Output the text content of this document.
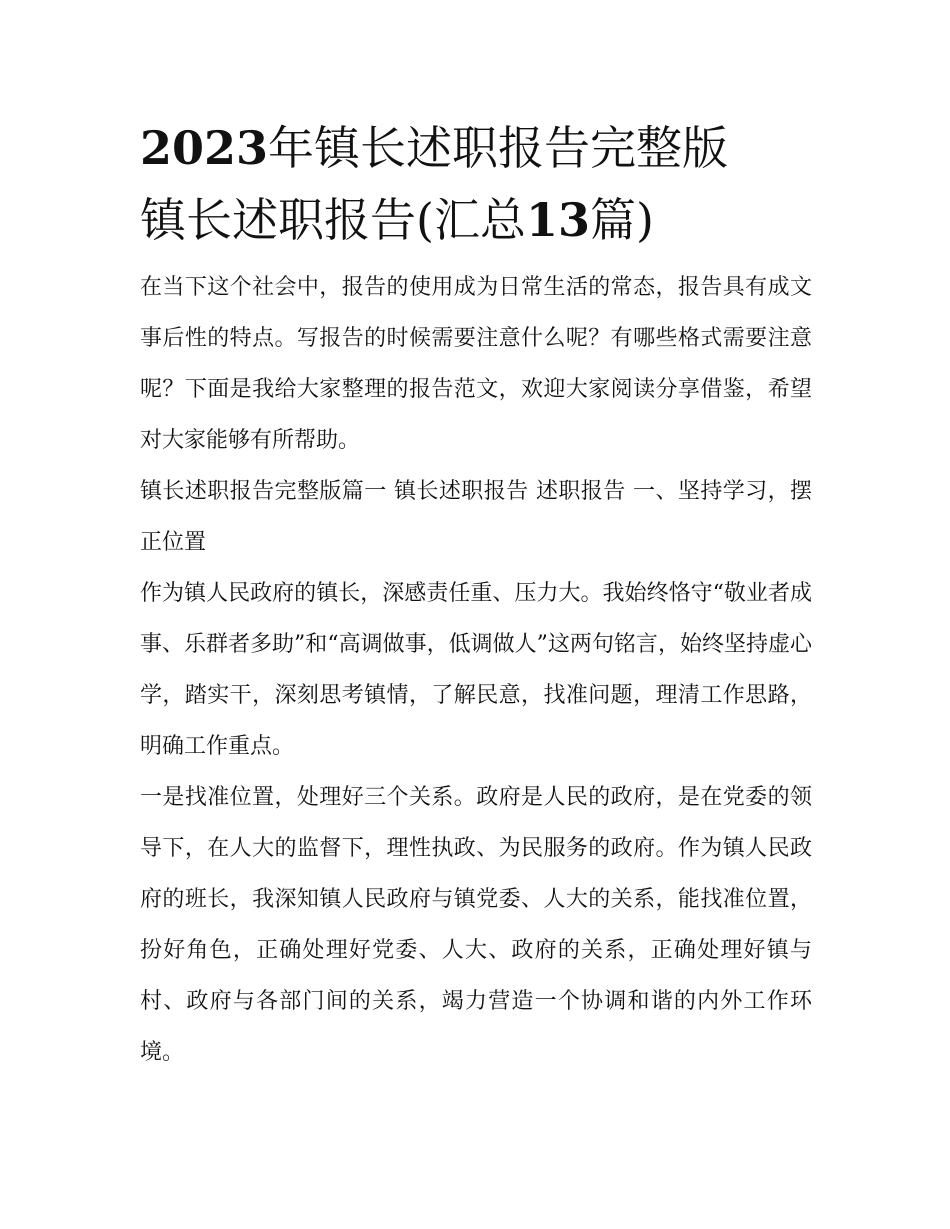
2023年镇长述职报告完整版
镇长述职报告(汇总13篇)

在当下这个社会中，报告的使用成为日常生活的常态，报告具有成文事后性的特点。写报告的时候需要注意什么呢？有哪些格式需要注意呢？下面是我给大家整理的报告范文，欢迎大家阅读分享借鉴，希望对大家能够有所帮助。

镇长述职报告完整版篇一 镇长述职报告 述职报告 一、坚持学习，摆正位置

作为镇人民政府的镇长，深感责任重、压力大。我始终恪守“敬业者成事、乐群者多助”和“高调做事，低调做人”这两句铭言，始终坚持虚心学，踏实干，深刻思考镇情，了解民意，找准问题，理清工作思路，明确工作重点。

一是找准位置，处理好三个关系。政府是人民的政府，是在党委的领导下，在人大的监督下，理性执政、为民服务的政府。作为镇人民政府的班长，我深知镇人民政府与镇党委、人大的关系，能找准位置，扮好角色，正确处理好党委、人大、政府的关系，正确处理好镇与村、政府与各部门间的关系，竭力营造一个协调和谐的内外工作环境。
